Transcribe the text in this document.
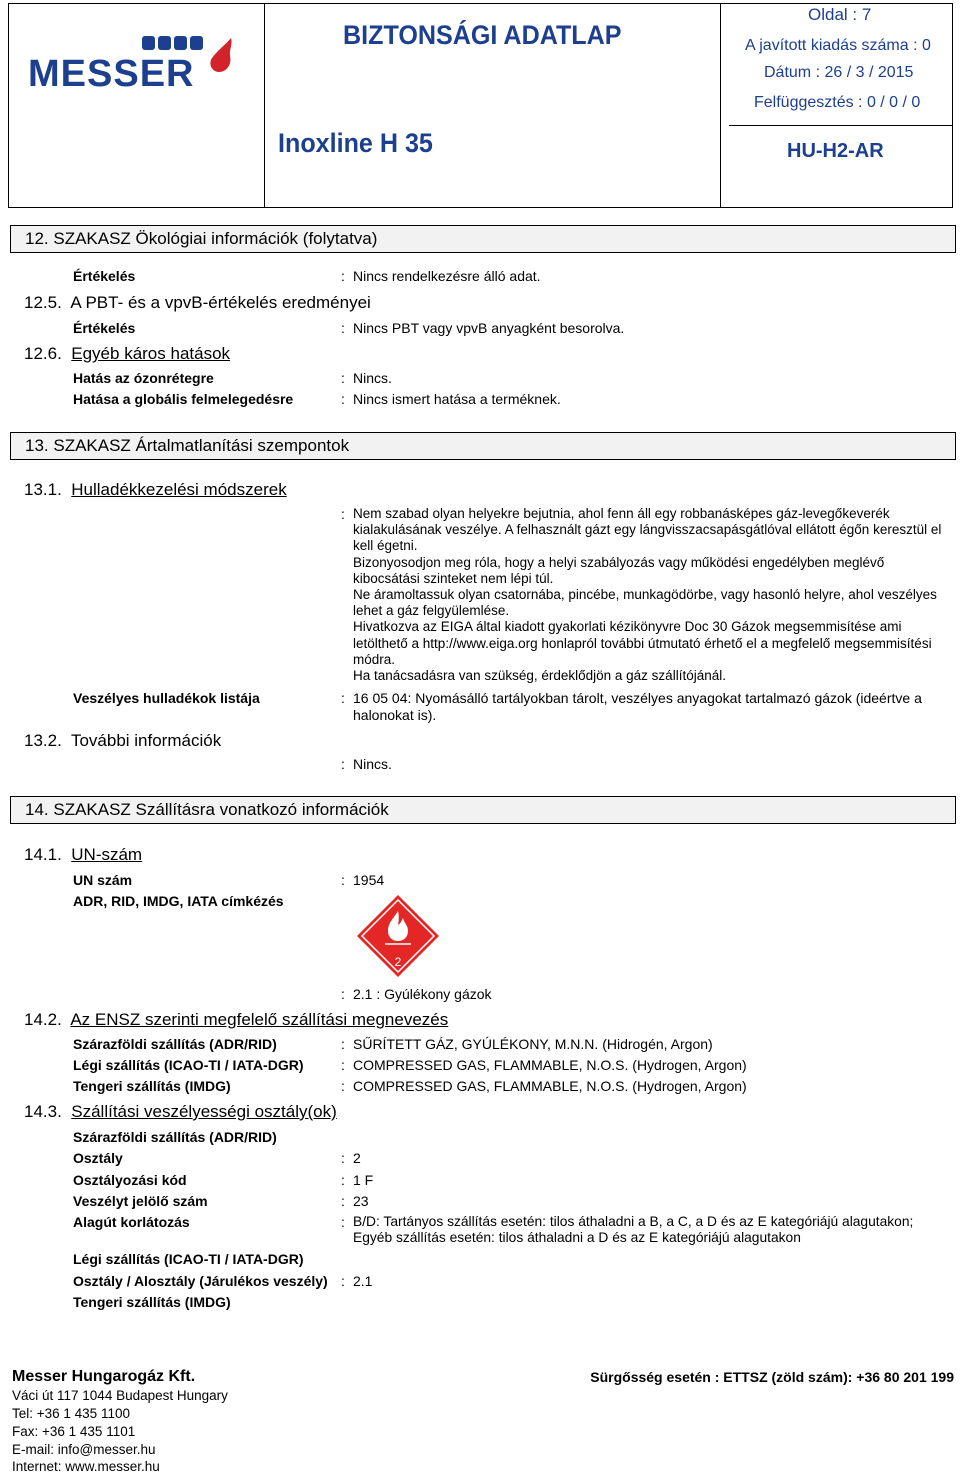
MESSER
BIZTONSÁGI ADATLAP
Inoxline H 35
Oldal : 7
A javított kiadás száma : 0
Dátum : 26 / 3 / 2015
Felfüggesztés : 0 / 0 / 0
HU-H2-AR
12. SZAKASZ Ökológiai információk (folytatva)
Értékelés	: Nincs rendelkezésre álló adat.
12.5. A PBT- és a vpvB-értékelés eredményei
Értékelés	: Nincs PBT vagy vpvB anyagként besorolva.
12.6. Egyéb káros hatások
Hatás az ózonrétegre	: Nincs.
Hatása a globális felmelegedésre	: Nincs ismert hatása a terméknek.
13. SZAKASZ Ártalmatlanítási szempontok
13.1. Hulladékkezelési módszerek
: Nem szabad olyan helyekre bejutnia, ahol fenn áll egy robbanásképes gáz-levegőkeverék kialakulásának veszélye. A felhasznált gázt egy lángvisszacsapásgátlóval ellátott égőn keresztül el kell égetni.
Bizonyosodjon meg róla, hogy a helyi szabályozás vagy működési engedélyben meglévő kibocsátási szinteket nem lépi túl.
Ne áramoltassuk olyan csatornába, pincébe, munkagödörbe, vagy hasonló helyre, ahol veszélyes lehet a gáz felgyülemlése.
Hivatkozva az EIGA által kiadott gyakorlati kézikönyvre Doc 30 Gázok megsemmisítése ami letölthető a http://www.eiga.org honlapról további útmutató érhető el a megfelelő megsemmisítési módra.
Ha tanácsadásra van szükség, érdeklődjön a gáz szállítójánál.
Veszélyes hulladékok listája	: 16 05 04: Nyomásálló tartályokban tárolt, veszélyes anyagokat tartalmazó gázok (ideértve a halonokat is).
13.2. További információk
: Nincs.
14. SZAKASZ Szállításra vonatkozó információk
14.1. UN-szám
UN szám	: 1954
ADR, RID, IMDG, IATA címkézés
2
: 2.1 : Gyúlékony gázok
14.2. Az ENSZ szerinti megfelelő szállítási megnevezés
Szárazföldi szállítás (ADR/RID)	: SŰRÍTETT GÁZ, GYÚLÉKONY, M.N.N. (Hidrogén, Argon)
Légi szállítás (ICAO-TI / IATA-DGR)	: COMPRESSED GAS, FLAMMABLE, N.O.S. (Hydrogen, Argon)
Tengeri szállítás (IMDG)	: COMPRESSED GAS, FLAMMABLE, N.O.S. (Hydrogen, Argon)
14.3. Szállítási veszélyességi osztály(ok)
Szárazföldi szállítás (ADR/RID)
Osztály	: 2
Osztályozási kód	: 1 F
Veszélyt jelölő szám	: 23
Alagút korlátozás	: B/D: Tartányos szállítás esetén: tilos áthaladni a B, a C, a D és az E kategóriájú alagutakon;
Egyéb szállítás esetén: tilos áthaladni a D és az E kategóriájú alagutakon
Légi szállítás (ICAO-TI / IATA-DGR)
Osztály / Alosztály (Járulékos veszély) : 2.1
Tengeri szállítás (IMDG)
Messer Hungarogáz Kft.
Váci út 117 1044 Budapest Hungary
Tel: +36 1 435 1100
Fax: +36 1 435 1101
E-mail: info@messer.hu
Internet: www.messer.hu
Sürgősség esetén : ETTSZ (zöld szám): +36 80 201 199
